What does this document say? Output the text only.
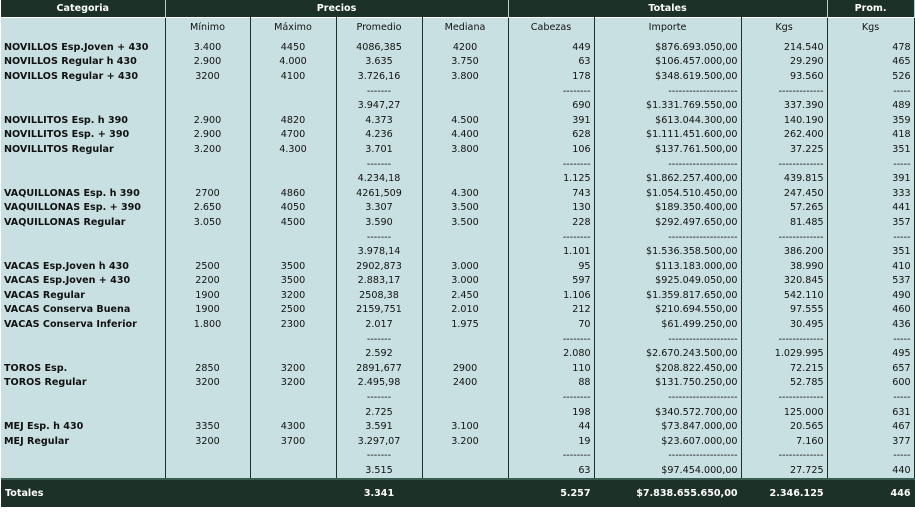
Categoria	Precios				Totales			Prom.
	Mínimo	Máximo	Promedio	Mediana	Cabezas	Importe	Kgs	Kgs
NOVILLOS Esp.Joven + 430	3.400	4450	4086,385	4200	449	$876.693.050,00	214.540	478
NOVILLOS Regular h 430	2.900	4.000	3.635	3.750	63	$106.457.000,00	29.290	465
NOVILLOS Regular + 430	3200	4100	3.726,16	3.800	178	$348.619.500,00	93.560	526
			-------		--------	--------------------	-------------	-----
			3.947,27		690	$1.331.769.550,00	337.390	489
NOVILLITOS Esp. h 390	2.900	4820	4.373	4.500	391	$613.044.300,00	140.190	359
NOVILLITOS Esp. + 390	2.900	4700	4.236	4.400	628	$1.111.451.600,00	262.400	418
NOVILLITOS Regular	3.200	4.300	3.701	3.800	106	$137.761.500,00	37.225	351
			-------		--------	--------------------	-------------	-----
			4.234,18		1.125	$1.862.257.400,00	439.815	391
VAQUILLONAS Esp. h 390	2700	4860	4261,509	4.300	743	$1.054.510.450,00	247.450	333
VAQUILLONAS Esp. + 390	2.650	4050	3.307	3.500	130	$189.350.400,00	57.265	441
VAQUILLONAS Regular	3.050	4500	3.590	3.500	228	$292.497.650,00	81.485	357
			-------		--------	--------------------	-------------	-----
			3.978,14		1.101	$1.536.358.500,00	386.200	351
VACAS Esp.Joven h 430	2500	3500	2902,873	3.000	95	$113.183.000,00	38.990	410
VACAS Esp.Joven + 430	2200	3500	2.883,17	3.000	597	$925.049.050,00	320.845	537
VACAS Regular	1900	3200	2508,38	2.450	1.106	$1.359.817.650,00	542.110	490
VACAS Conserva Buena	1900	2500	2159,751	2.010	212	$210.694.550,00	97.555	460
VACAS Conserva Inferior	1.800	2300	2.017	1.975	70	$61.499.250,00	30.495	436
			-------		--------	--------------------	-------------	-----
			2.592		2.080	$2.670.243.500,00	1.029.995	495
TOROS Esp.	2850	3200	2891,677	2900	110	$208.822.450,00	72.215	657
TOROS Regular	3200	3200	2.495,98	2400	88	$131.750.250,00	52.785	600
			-------		--------	--------------------	-------------	-----
			2.725		198	$340.572.700,00	125.000	631
MEJ Esp. h 430	3350	4300	3.591	3.100	44	$73.847.000,00	20.565	467
MEJ Regular	3200	3700	3.297,07	3.200	19	$23.607.000,00	7.160	377
			-------		--------	--------------------	-------------	-----
			3.515		63	$97.454.000,00	27.725	440
Totales			3.341		5.257	$7.838.655.650,00	2.346.125	446
